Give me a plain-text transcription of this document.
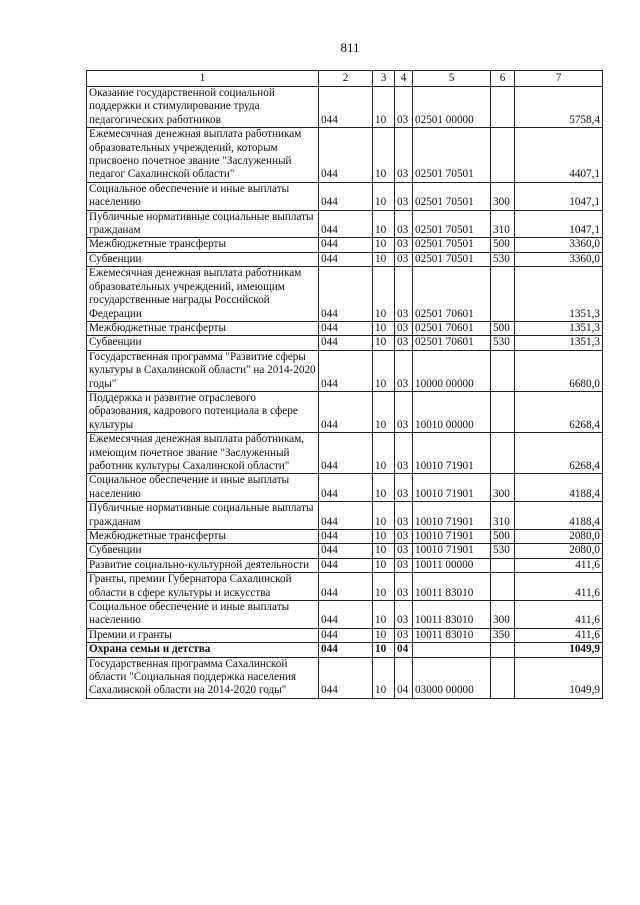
811
1	2	3	4	5	6	7
Оказание государственной социальной поддержки и стимулирование труда педагогических работников	044	10	03	02501 00000		5758,4
Ежемесячная денежная выплата работникам образовательных учреждений, которым присвоено почетное звание "Заслуженный педагог Сахалинской области"	044	10	03	02501 70501		4407,1
Социальное обеспечение и иные выплаты населению	044	10	03	02501 70501	300	1047,1
Публичные нормативные социальные выплаты гражданам	044	10	03	02501 70501	310	1047,1
Межбюджетные трансферты	044	10	03	02501 70501	500	3360,0
Субвенции	044	10	03	02501 70501	530	3360,0
Ежемесячная денежная выплата работникам образовательных учреждений, имеющим государственные награды Российской Федерации	044	10	03	02501 70601		1351,3
Межбюджетные трансферты	044	10	03	02501 70601	500	1351,3
Субвенции	044	10	03	02501 70601	530	1351,3
Государственная программа "Развитие сферы культуры в Сахалинской области" на 2014-2020 годы"	044	10	03	10000 00000		6680,0
Поддержка и развитие отраслевого образования, кадрового потенциала в сфере культуры	044	10	03	10010 00000		6268,4
Ежемесячная денежная выплата работникам, имеющим почетное звание "Заслуженный работник культуры Сахалинской области"	044	10	03	10010 71901		6268,4
Социальное обеспечение и иные выплаты населению	044	10	03	10010 71901	300	4188,4
Публичные нормативные социальные выплаты гражданам	044	10	03	10010 71901	310	4188,4
Межбюджетные трансферты	044	10	03	10010 71901	500	2080,0
Субвенции	044	10	03	10010 71901	530	2080,0
Развитие социально-культурной деятельности	044	10	03	10011 00000		411,6
Гранты, премии Губернатора Сахалинской области в сфере культуры и искусства	044	10	03	10011 83010		411,6
Социальное обеспечение и иные выплаты населению	044	10	03	10011 83010	300	411,6
Премии и гранты	044	10	03	10011 83010	350	411,6
Охрана семьи и детства	044	10	04			1049,9
Государственная программа Сахалинской области "Социальная поддержка населения Сахалинской области на 2014-2020 годы"	044	10	04	03000 00000		1049,9
